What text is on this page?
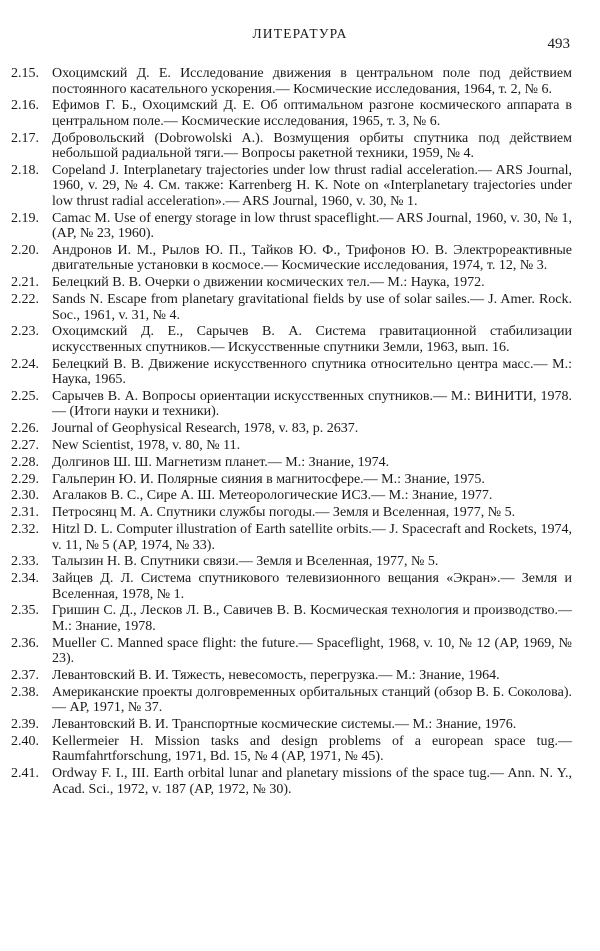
ЛИТЕРАТУРА
493
2.15. Охоцимский Д. Е. Исследование движения в центральном поле под действием постоянного касательного ускорения.— Космические исследования, 1964, т. 2, № 6.
2.16. Ефимов Г. Б., Охоцимский Д. Е. Об оптимальном разгоне космического аппарата в центральном поле.— Космические исследования, 1965, т. 3, № 6.
2.17. Добровольский (Dobrowolski A.). Возмущения орбиты спутника под действием небольшой радиальной тяги.— Вопросы ракетной техники, 1959, № 4.
2.18. Copeland J. Interplanetary trajectories under low thrust radial acceleration.— ARS Journal, 1960, v. 29, № 4. См. также: Karrenberg H. K. Note on «Interplanetary trajectories under low thrust radial acceleration».— ARS Journal, 1960, v. 30, № 1.
2.19. Camac M. Use of energy storage in low thrust spaceflight.— ARS Journal, 1960, v. 30, № 1, (AP, № 23, 1960).
2.20. Андронов И. М., Рылов Ю. П., Тайков Ю. Ф., Трифонов Ю. В. Электрореактивные двигательные установки в космосе.— Космические исследования, 1974, т. 12, № 3.
2.21. Белецкий В. В. Очерки о движении космических тел.— М.: Наука, 1972.
2.22. Sands N. Escape from planetary gravitational fields by use of solar sailes.— J. Amer. Rock. Soc., 1961, v. 31, № 4.
2.23. Охоцимский Д. Е., Сарычев В. А. Система гравитационной стабилизации искусственных спутников.— Искусственные спутники Земли, 1963, вып. 16.
2.24. Белецкий В. В. Движение искусственного спутника относительно центра масс.— М.: Наука, 1965.
2.25. Сарычев В. А. Вопросы ориентации искусственных спутников.— М.: ВИНИТИ, 1978.— (Итоги науки и техники).
2.26. Journal of Geophysical Research, 1978, v. 83, p. 2637.
2.27. New Scientist, 1978, v. 80, № 11.
2.28. Долгинов Ш. Ш. Магнетизм планет.— М.: Знание, 1974.
2.29. Гальперин Ю. И. Полярные сияния в магнитосфере.— М.: Знание, 1975.
2.30. Агалаков В. С., Сире А. Ш. Метеорологические ИСЗ.— М.: Знание, 1977.
2.31. Петросянц М. А. Спутники службы погоды.— Земля и Вселенная, 1977, № 5.
2.32. Hitzl D. L. Computer illustration of Earth satellite orbits.— J. Spacecraft and Rockets, 1974, v. 11, № 5 (AP, 1974, № 33).
2.33. Талызин Н. В. Спутники связи.— Земля и Вселенная, 1977, № 5.
2.34. Зайцев Д. Л. Система спутникового телевизионного вещания «Экран».— Земля и Вселенная, 1978, № 1.
2.35. Гришин С. Д., Лесков Л. В., Савичев В. В. Космическая технология и производство.— М.: Знание, 1978.
2.36. Mueller C. Manned space flight: the future.— Spaceflight, 1968, v. 10, № 12 (AP, 1969, № 23).
2.37. Левантовский В. И. Тяжесть, невесомость, перегрузка.— М.: Знание, 1964.
2.38. Американские проекты долговременных орбитальных станций (обзор В. Б. Соколова).— AP, 1971, № 37.
2.39. Левантовский В. И. Транспортные космические системы.— М.: Знание, 1976.
2.40. Kellermeier H. Mission tasks and design problems of a european space tug.— Raumfahrtforschung, 1971, Bd. 15, № 4 (AP, 1971, № 45).
2.41. Ordway F. I., III. Earth orbital lunar and planetary missions of the space tug.— Ann. N. Y., Acad. Sci., 1972, v. 187 (AP, 1972, № 30).
